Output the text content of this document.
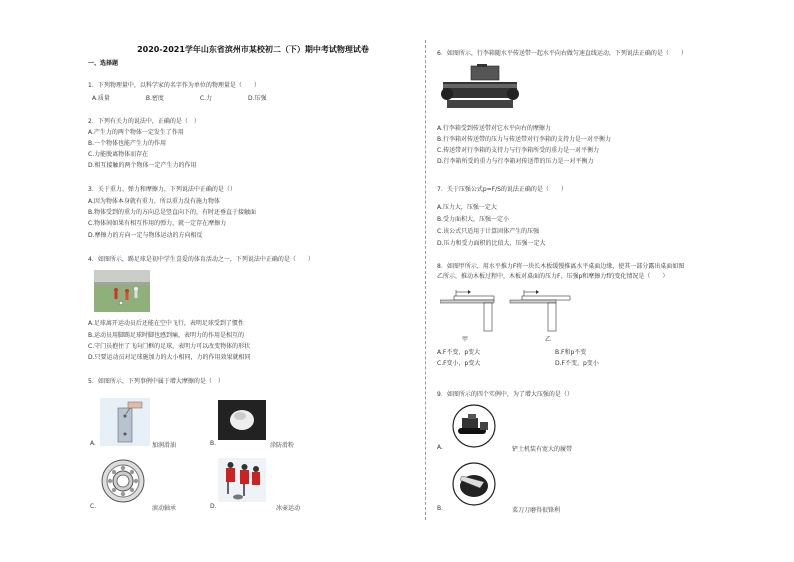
2020-2021学年山东省滨州市某校初二（下）期中考试物理试卷
一、选择题
1．下列物理量中，以科学家的名字作为单位的物理量是（　　）
A.质量　　　　　　B.密度　　　　　　C.力　　　　　　D.压强
2．下列有关力的说法中，正确的是（　）
A.产生力的两个物体一定发生了作用
B.一个物体也能产生力的作用
C.力能脱离物体而存在
D.相互接触的两个物体一定产生力的作用
3．关于重力、弹力和摩擦力，下列说法中正确的是（）
A.因为物体本身就有重力，所以重力没有施力物体
B.物体受到的重力的方向总是竖直向下的，有时还垂直于接触面
C.物体间如果有相互作用的弹力，就一定存在摩擦力
D.摩擦力的方向一定与物体运动的方向相反
4．如图所示，踢足球是初中学生喜爱的体育活动之一，下列说法中正确的是（　　）
A.足球离开运动员后还能在空中飞行，表明足球受到了惯性
B.运动员用脚踢足球时脚也感到痛，表明力的作用是相互的
C.守门员抱住了飞向门框的足球，表明力可以改变物体的形状
D.只要运动员对足球施加力的大小相同，力的作用效果就相同
5．如图所示，下列事例中属于增大摩擦的是（　）
A.	加润滑油	B.	涂防滑粉
C.	滚动轴承	D.	冰壶运动
6．如图所示，行李箱随水平传送带一起水平向右做匀速直线运动，下列说法正确的是（　　）
A.行李箱受到传送带对它水平向右的摩擦力
B.行李箱对传送带的压力与传送带对行李箱的支持力是一对平衡力
C.传送带对行李箱的支持力与行李箱所受的重力是一对平衡力
D.行李箱所受的重力与行李箱对传送带的压力是一对平衡力
7．关于压强公式p=F/S的说法正确的是（　　）
A.压力大，压强一定大
B.受力面积大，压强一定小
C.该公式只适用于计算固体产生的压强
D.压力和受力面积的比值大，压强一定大
8．如图甲所示，用水平推力F将一块长木板缓慢推离水平桌面边缘，使其一部分露出桌面如图
乙所示，推动木板过程中，木板对桌面的压力F、压强p和摩擦力f的变化情况是（　　）
甲	乙
A.F不变，p变大	B.F和p不变
C.F变小，p变大	D.F不变，p变小
9．如图所示的四个实例中，为了增大压强的是（）
A.	铲土机装有宽大的履带
B.	菜刀刀磨得很锋利
